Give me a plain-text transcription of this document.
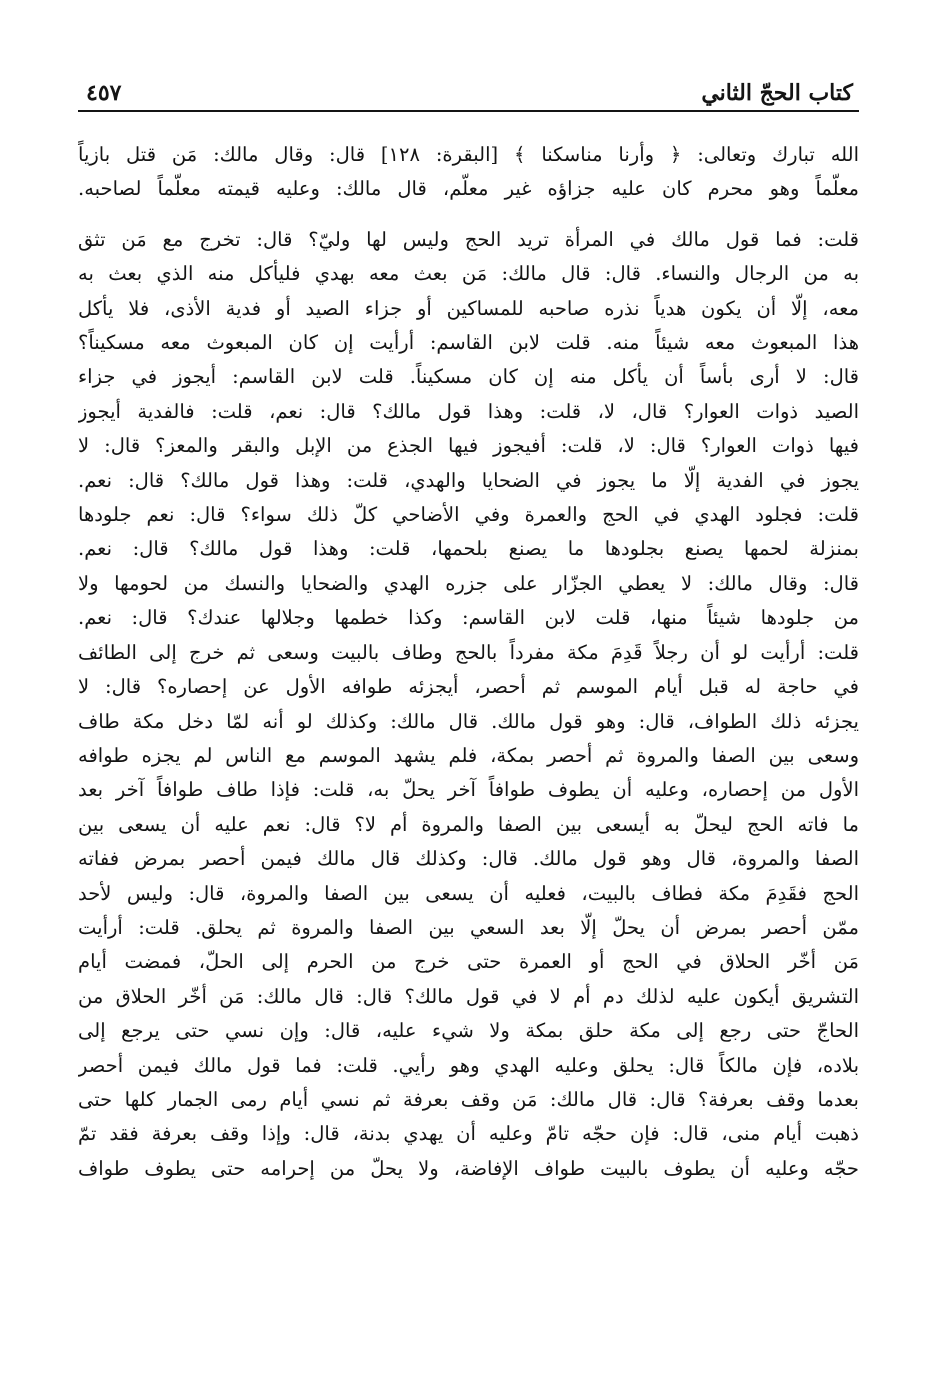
كتاب الحجّ الثاني
٤٥٧

الله تبارك وتعالى: ﴿ وأرنا مناسكنا ﴾ [البقرة: ١٢٨] قال: وقال مالك: مَن قتل بازياً
معلّماً وهو محرم كان عليه جزاؤه غير معلّم، قال مالك: وعليه قيمته معلّماً لصاحبه.

قلت: فما قول مالك في المرأة تريد الحج وليس لها وليّ؟ قال: تخرج مع مَن تثق
به من الرجال والنساء. قال: قال مالك: مَن بعث معه بهدي فليأكل منه الذي بعث به
معه، إلّا أن يكون هدياً نذره صاحبه للمساكين أو جزاء الصيد أو فدية الأذى، فلا يأكل
هذا المبعوث معه شيئاً منه. قلت لابن القاسم: أرأيت إن كان المبعوث معه مسكيناً؟
قال: لا أرى بأساً أن يأكل منه إن كان مسكيناً. قلت لابن القاسم: أيجوز في جزاء
الصيد ذوات العوار؟ قال، لا، قلت: وهذا قول مالك؟ قال: نعم، قلت: فالفدية أيجوز
فيها ذوات العوار؟ قال: لا، قلت: أفيجوز فيها الجذع من الإبل والبقر والمعز؟ قال: لا
يجوز في الفدية إلّا ما يجوز في الضحايا والهدي، قلت: وهذا قول مالك؟ قال: نعم.
قلت: فجلود الهدي في الحج والعمرة وفي الأضاحي كلّ ذلك سواء؟ قال: نعم جلودها
بمنزلة لحمها يصنع بجلودها ما يصنع بلحمها، قلت: وهذا قول مالك؟ قال: نعم.
قال: وقال مالك: لا يعطي الجزّار على جزره الهدي والضحايا والنسك من لحومها ولا
من جلودها شيئاً منها، قلت لابن القاسم: وكذا خطمها وجلالها عندك؟ قال: نعم.
قلت: أرأيت لو أن رجلاً قَدِمَ مكة مفرداً بالحج وطاف بالبيت وسعى ثم خرج إلى الطائف
في حاجة له قبل أيام الموسم ثم أحصر، أيجزئه طوافه الأول عن إحصاره؟ قال: لا
يجزئه ذلك الطواف، قال: وهو قول مالك. قال مالك: وكذلك لو أنه لمّا دخل مكة طاف
وسعى بين الصفا والمروة ثم أحصر بمكة، فلم يشهد الموسم مع الناس لم يجزه طوافه
الأول من إحصاره، وعليه أن يطوف طوافاً آخر يحلّ به، قلت: فإذا طاف طوافاً آخر بعد
ما فاته الحج ليحلّ به أيسعى بين الصفا والمروة أم لا؟ قال: نعم عليه أن يسعى بين
الصفا والمروة، قال وهو قول مالك. قال: وكذلك قال مالك فيمن أحصر بمرض ففاته
الحج فقَدِمَ مكة فطاف بالبيت، فعليه أن يسعى بين الصفا والمروة، قال: وليس لأحد
ممّن أحصر بمرض أن يحلّ إلّا بعد السعي بين الصفا والمروة ثم يحلق. قلت: أرأيت
مَن أخّر الحلاق في الحج أو العمرة حتى خرج من الحرم إلى الحلّ، فمضت أيام
التشريق أيكون عليه لذلك دم أم لا في قول مالك؟ قال: قال مالك: مَن أخّر الحلاق من
الحاجّ حتى رجع إلى مكة حلق بمكة ولا شيء عليه، قال: وإن نسي حتى يرجع إلى
بلاده، فإن مالكاً قال: يحلق وعليه الهدي وهو رأيي. قلت: فما قول مالك فيمن أحصر
بعدما وقف بعرفة؟ قال: قال مالك: مَن وقف بعرفة ثم نسي أيام رمى الجمار كلها حتى
ذهبت أيام منى، قال: فإن حجّه تامّ وعليه أن يهدي بدنة، قال: وإذا وقف بعرفة فقد تمّ
حجّه وعليه أن يطوف بالبيت طواف الإفاضة، ولا يحلّ من إحرامه حتى يطوف طواف
